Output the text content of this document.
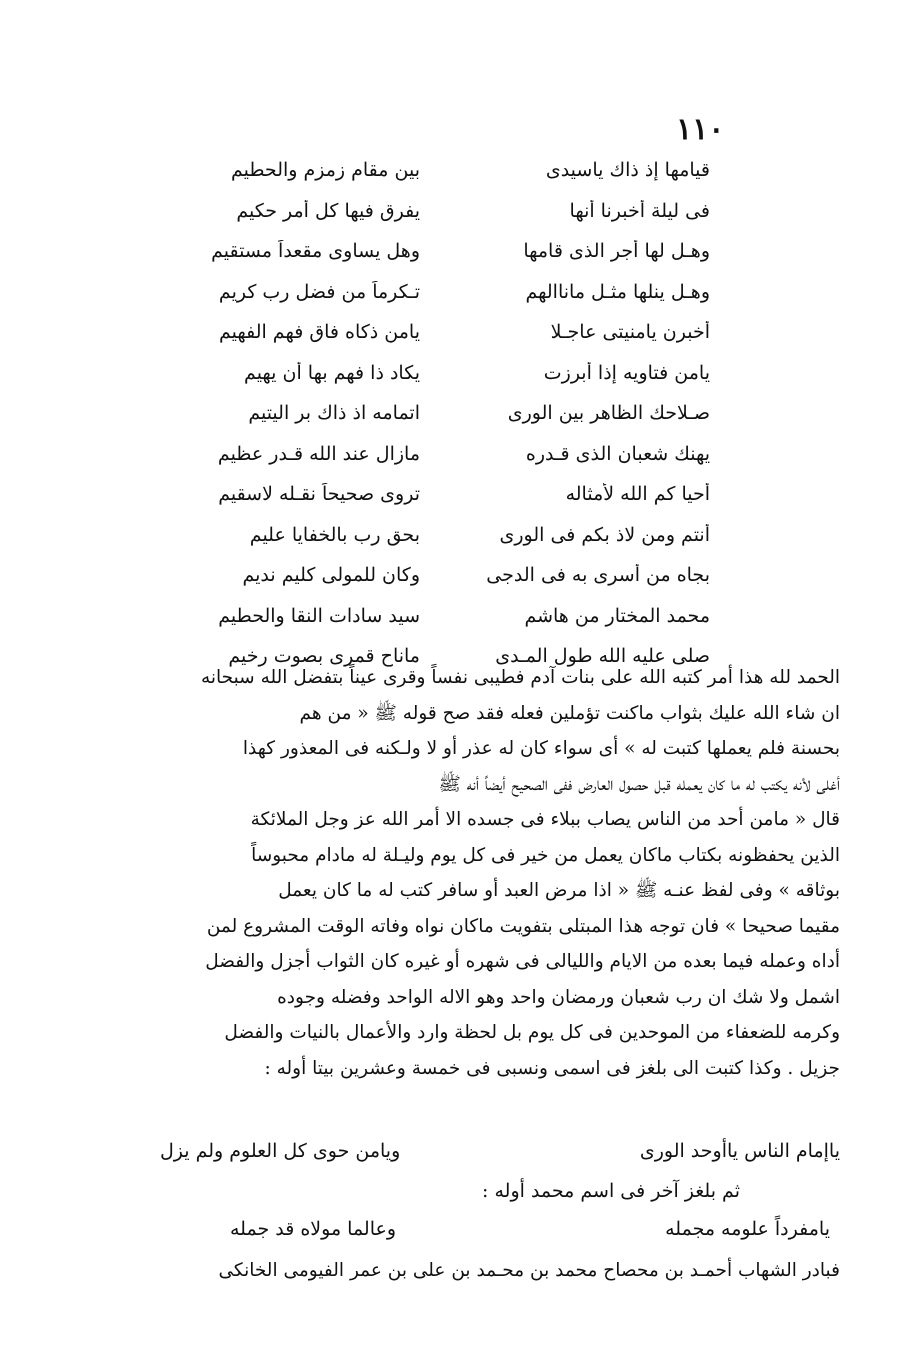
١١٠
قيامها إذ ذاك ياسيدى
بين مقام زمزم والحطيم
فى ليلة أخبرنا أنها
يفرق فيها كل أمر حكيم
وهـل لها أجر الذى قامها
وهل يساوى مقعداً مستقيم
وهـل ينلها مثـل ماناالهم
تـكرماً من فضل رب كريم
أخبرن يامنيتى عاجـلا
يامن ذكاه فاق فهم الفهيم
يامن فتاويه إذا أبرزت
يكاد ذا فهم بها أن يهيم
صـلاحك الظاهر بين الورى
اتمامه اذ ذاك بر اليتيم
يهنك شعبان الذى قـدره
مازال عند الله قـدر عظيم
أحيا كم الله لأمثاله
تروى صحيحاً نقـله لاسقيم
أنتم ومن لاذ بكم فى الورى
بحق رب بالخفايا عليم
بجاه من أسرى به فى الدجى
وكان للمولى كليم نديم
محمد المختار من هاشم
سيد سادات النقا والحطيم
صلى عليه الله طول المـدى
ماناح قمرى بصوت رخيم
الحمد لله هذا أمر كتبه الله على بنات آدم فطيبى نفساً وقرى عيناً بتفضل الله سبحانه
ان شاء الله عليك بثواب ماكنت تؤملين فعله فقد صح قوله ﷺ « من هم
بحسنة فلم يعملها كتبت له » أى سواء كان له عذر أو لا ولـكنه فى المعذور كهذا
أغلى لأنه يكتب له ما كان يعمله قبل حصول العارض ففى الصحيح أيضاً أنه ﷺ
قال « مامن أحد من الناس يصاب ببلاء فى جسده الا أمر الله عز وجل الملائكة
الذين يحفظونه بكتاب ماكان يعمل من خير فى كل يوم وليـلة له مادام محبوساً
بوثاقه » وفى لفظ عنـه ﷺ « اذا مرض العبد أو سافر كتب له ما كان يعمل
مقيما صحيحا » فان توجه هذا المبتلى بتفويت ماكان نواه وفاته الوقت المشروع لمن
أداه وعمله فيما بعده من الايام والليالى فى شهره أو غيره كان الثواب أجزل والفضل
اشمل ولا شك ان رب شعبان ورمضان واحد وهو الاله الواحد وفضله وجوده
وكرمه للضعفاء من الموحدين فى كل يوم بل لحظة وارد والأعمال بالنيات والفضل
جزيل . وكذا كتبت الى بلغز فى اسمى ونسبى فى خمسة وعشرين بيتا أوله :
ياإمام الناس ياأوحد الورى
ويامن حوى كل العلوم ولم يزل
ثم بلغز آخر فى اسم محمد أوله :
يامفرداً علومه مجمله
وعالما مولاه قد جمله
فبادر الشهاب أحمـد بن محصاح محمد بن محـمد بن على بن عمر الفيومى الخانكى
